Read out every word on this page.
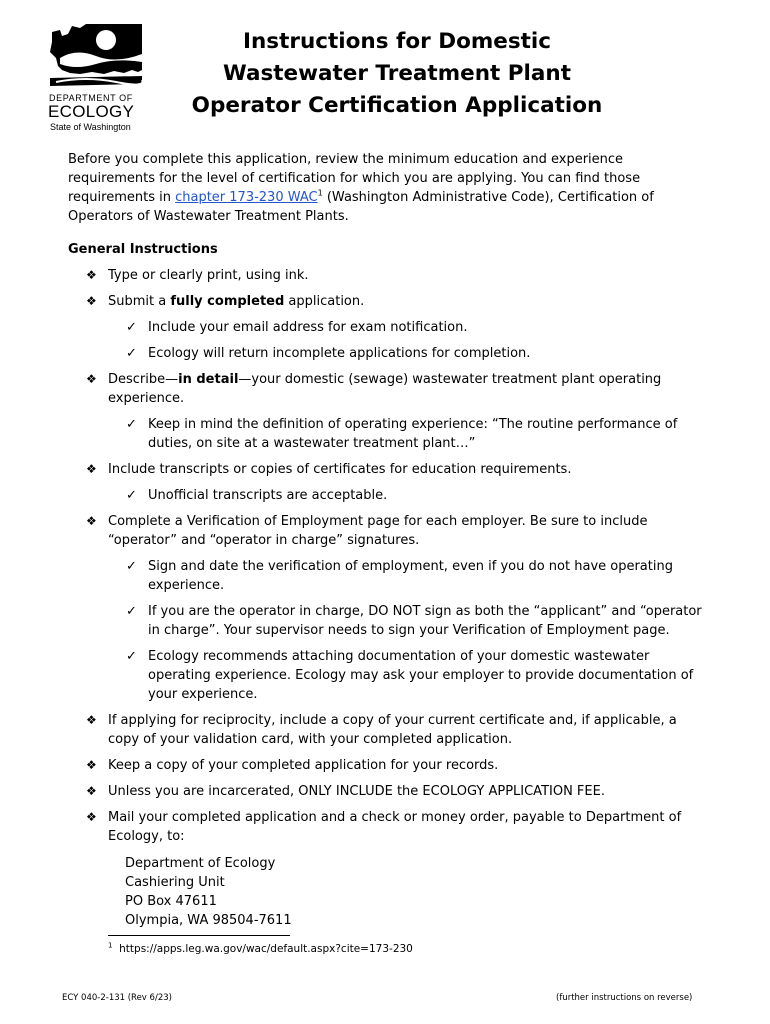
DEPARTMENT OF
ECOLOGY
State of Washington
Instructions for Domestic Wastewater Treatment Plant Operator Certification Application

Before you complete this application, review the minimum education and experience requirements for the level of certification for which you are applying. You can find those requirements in chapter 173-230 WAC$^1$ (Washington Administrative Code), Certification of Operators of Wastewater Treatment Plants.

General Instructions
❖ Type or clearly print, using ink.
❖ Submit a fully completed application.
✓ Include your email address for exam notification.
✓ Ecology will return incomplete applications for completion.
❖ Describe—in detail—your domestic (sewage) wastewater treatment plant operating experience.
✓ Keep in mind the definition of operating experience: “The routine performance of duties, on site at a wastewater treatment plant…”
❖ Include transcripts or copies of certificates for education requirements.
✓ Unofficial transcripts are acceptable.
❖ Complete a Verification of Employment page for each employer. Be sure to include “operator” and “operator in charge” signatures.
✓ Sign and date the verification of employment, even if you do not have operating experience.
✓ If you are the operator in charge, DO NOT sign as both the “applicant” and “operator in charge”. Your supervisor needs to sign your Verification of Employment page.
✓ Ecology recommends attaching documentation of your domestic wastewater operating experience. Ecology may ask your employer to provide documentation of your experience.
❖ If applying for reciprocity, include a copy of your current certificate and, if applicable, a copy of your validation card, with your completed application.
❖ Keep a copy of your completed application for your records.
❖ Unless you are incarcerated, ONLY INCLUDE the ECOLOGY APPLICATION FEE.
❖ Mail your completed application and a check or money order, payable to Department of Ecology, to:
Department of Ecology
Cashiering Unit
PO Box 47611
Olympia, WA 98504-7611
$^1$ https://apps.leg.wa.gov/wac/default.aspx?cite=173-230
ECY 040-2-131 (Rev 6/23)	(further instructions on reverse)
